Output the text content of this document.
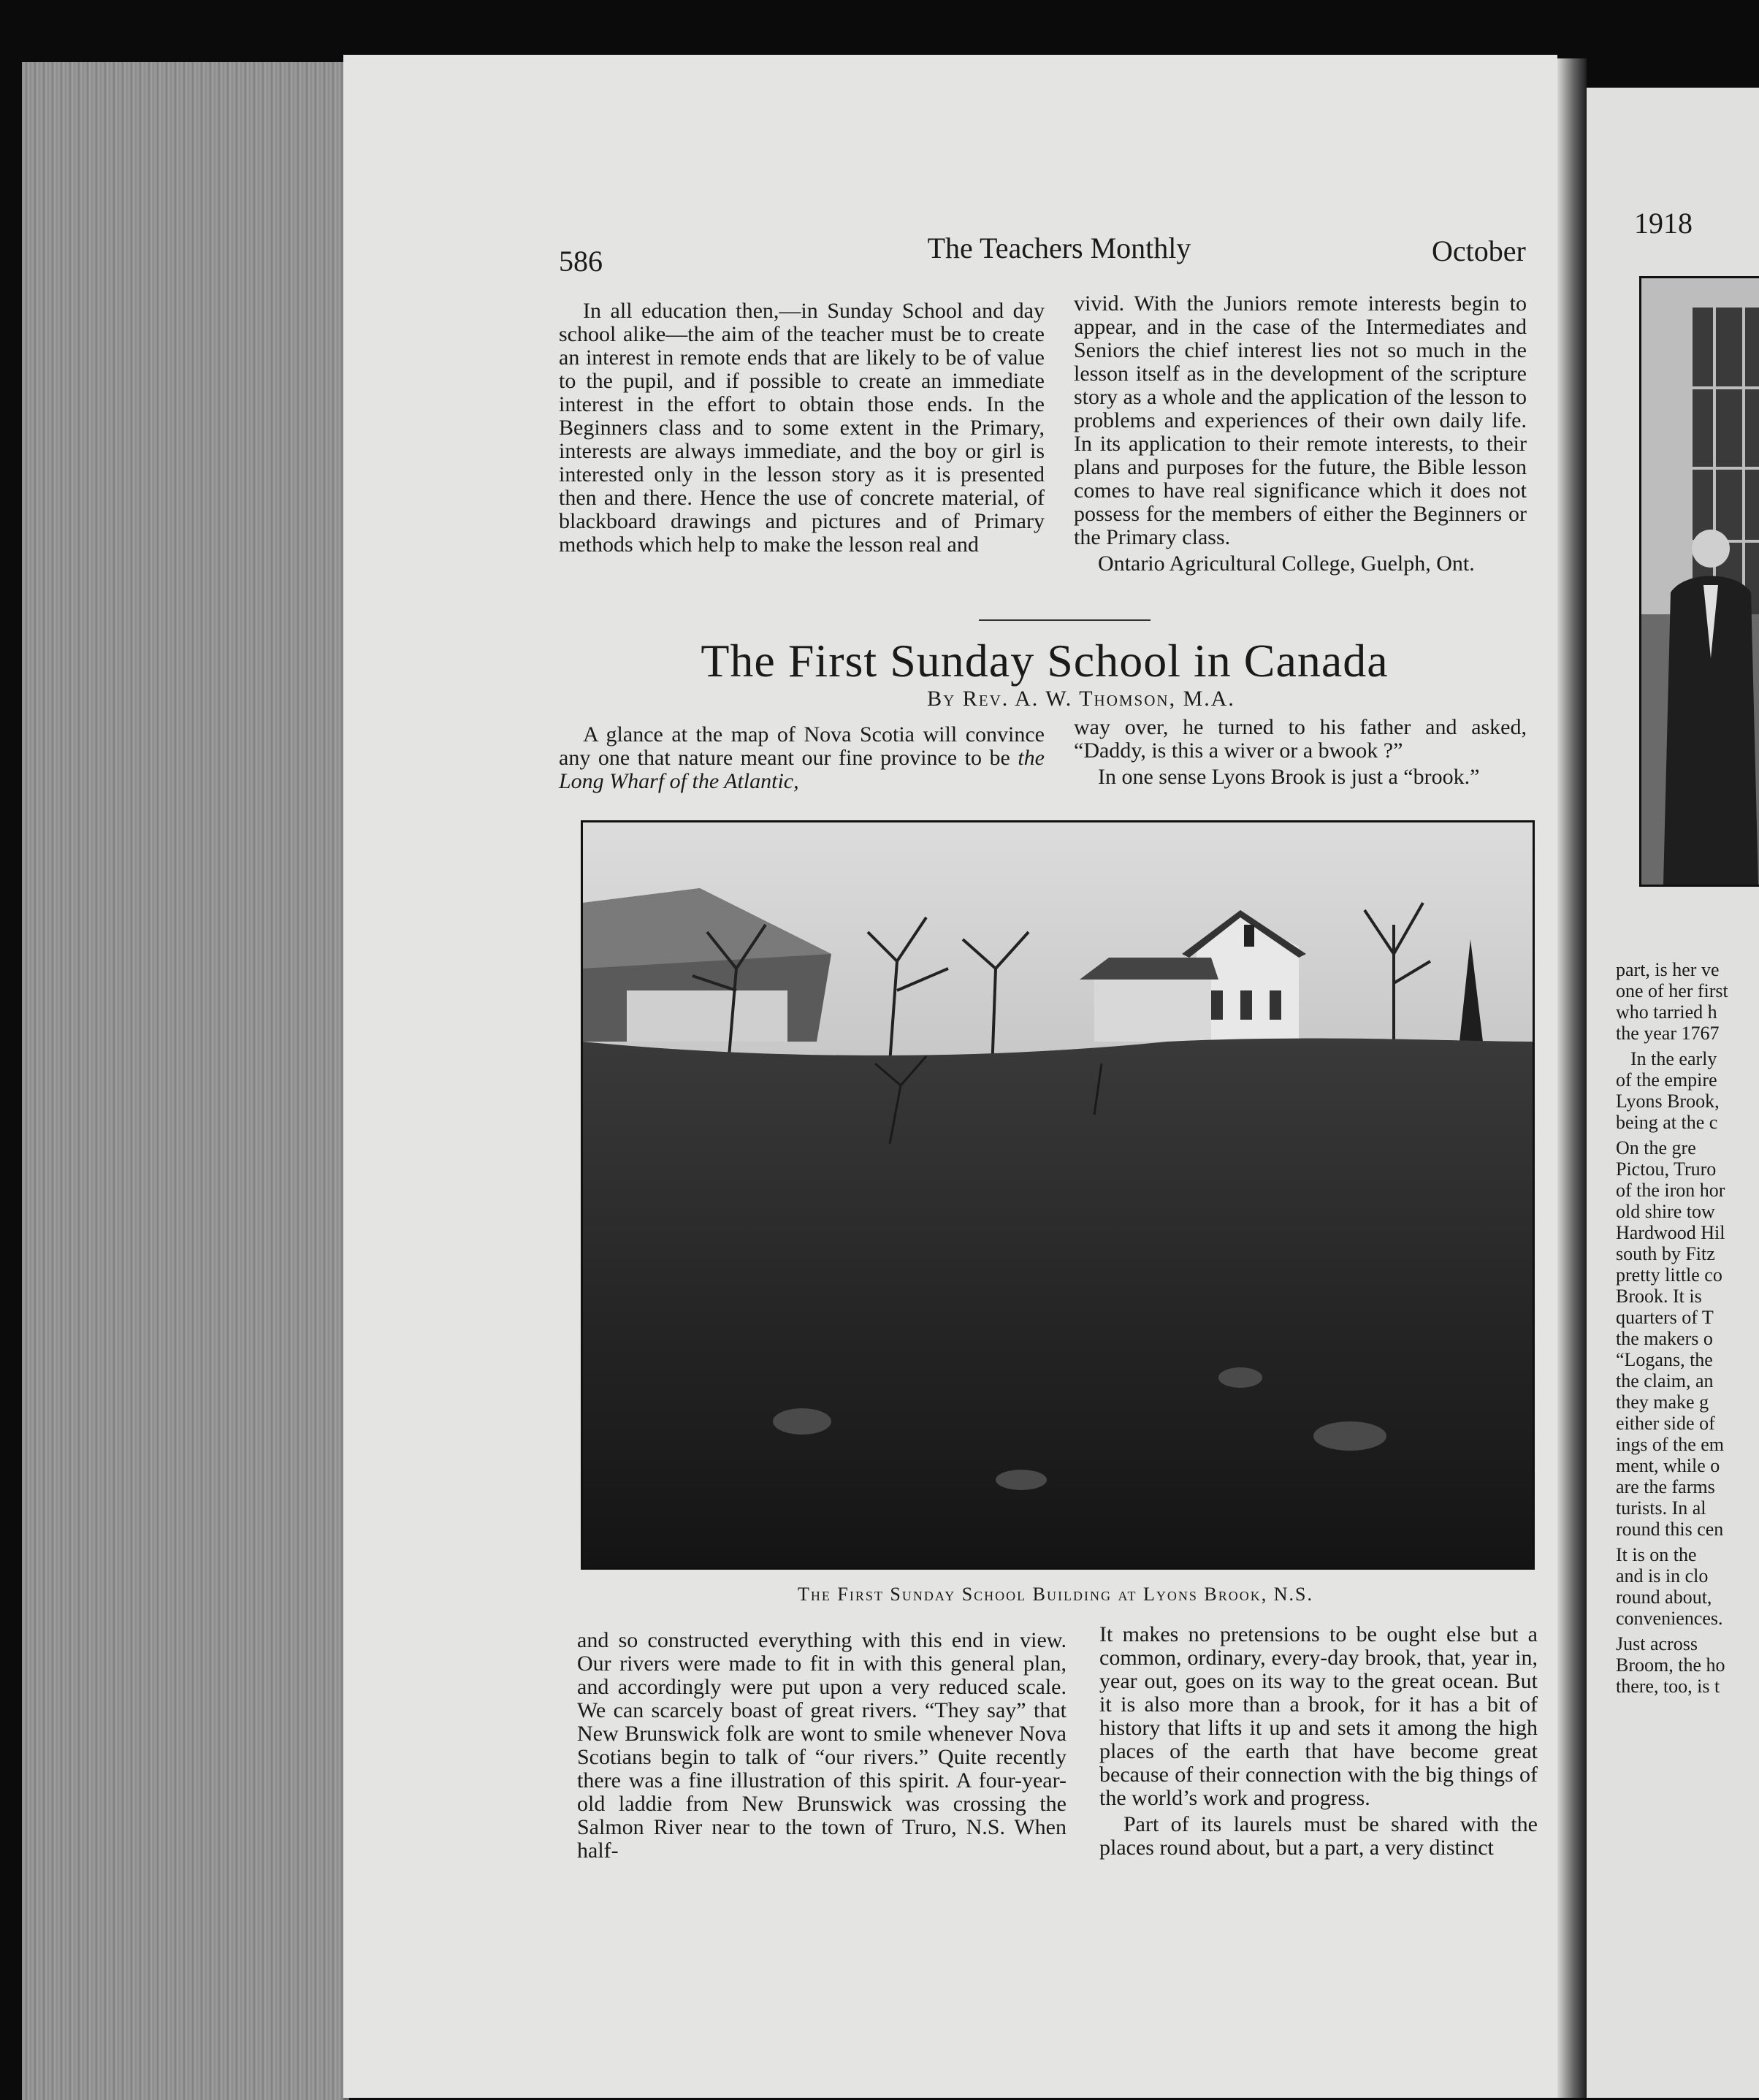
586	The Teachers Monthly	October

In all education then,—in Sunday School and day school alike—the aim of the teacher must be to create an interest in remote ends that are likely to be of value to the pupil, and if possible to create an immediate interest in the effort to obtain those ends. In the Beginners class and to some extent in the Primary, interests are always immediate, and the boy or girl is interested only in the lesson story as it is presented then and there. Hence the use of concrete material, of blackboard drawings and pictures and of Primary methods which help to make the lesson real and

vivid. With the Juniors remote interests begin to appear, and in the case of the Intermediates and Seniors the chief interest lies not so much in the lesson itself as in the development of the scripture story as a whole and the application of the lesson to problems and experiences of their own daily life. In its application to their remote interests, to their plans and purposes for the future, the Bible lesson comes to have real significance which it does not possess for the members of either the Beginners or the Primary class.

Ontario Agricultural College, Guelph, Ont.

The First Sunday School in Canada
By Rev. A. W. Thomson, M.A.

A glance at the map of Nova Scotia will convince any one that nature meant our fine province to be the Long Wharf of the Atlantic,

way over, he turned to his father and asked, “Daddy, is this a wiver or a bwook ?”

In one sense Lyons Brook is just a “brook.”

The First Sunday School Building at Lyons Brook, N.S.

and so constructed everything with this end in view. Our rivers were made to fit in with this general plan, and accordingly were put upon a very reduced scale. We can scarcely boast of great rivers. “They say” that New Brunswick folk are wont to smile whenever Nova Scotians begin to talk of “our rivers.” Quite recently there was a fine illustration of this spirit. A four-year-old laddie from New Brunswick was crossing the Salmon River near to the town of Truro, N.S. When half-

It makes no pretensions to be ought else but a common, ordinary, every-day brook, that, year in, year out, goes on its way to the great ocean. But it is also more than a brook, for it has a bit of history that lifts it up and sets it among the high places of the earth that have become great because of their connection with the big things of the world’s work and progress.

Part of its laurels must be shared with the places round about, but a part, a very distinct

1918

part, is her ve
one of her first
who tarried h
the year 1767

In the early
of the empire
Lyons Brook,
being at the c

On the gre
Pictou, Truro
of the iron hor
old shire tow
Hardwood Hil
south by Fitz
pretty little co
Brook. It is
quarters of T
the makers o
“Logans, the
the claim, an
they make g
either side of
ings of the em
ment, while o
are the farms
turists. In al
round this cen

It is on the
and is in clo
round about,
conveniences.

Just across
Broom, the ho
there, too, is t
